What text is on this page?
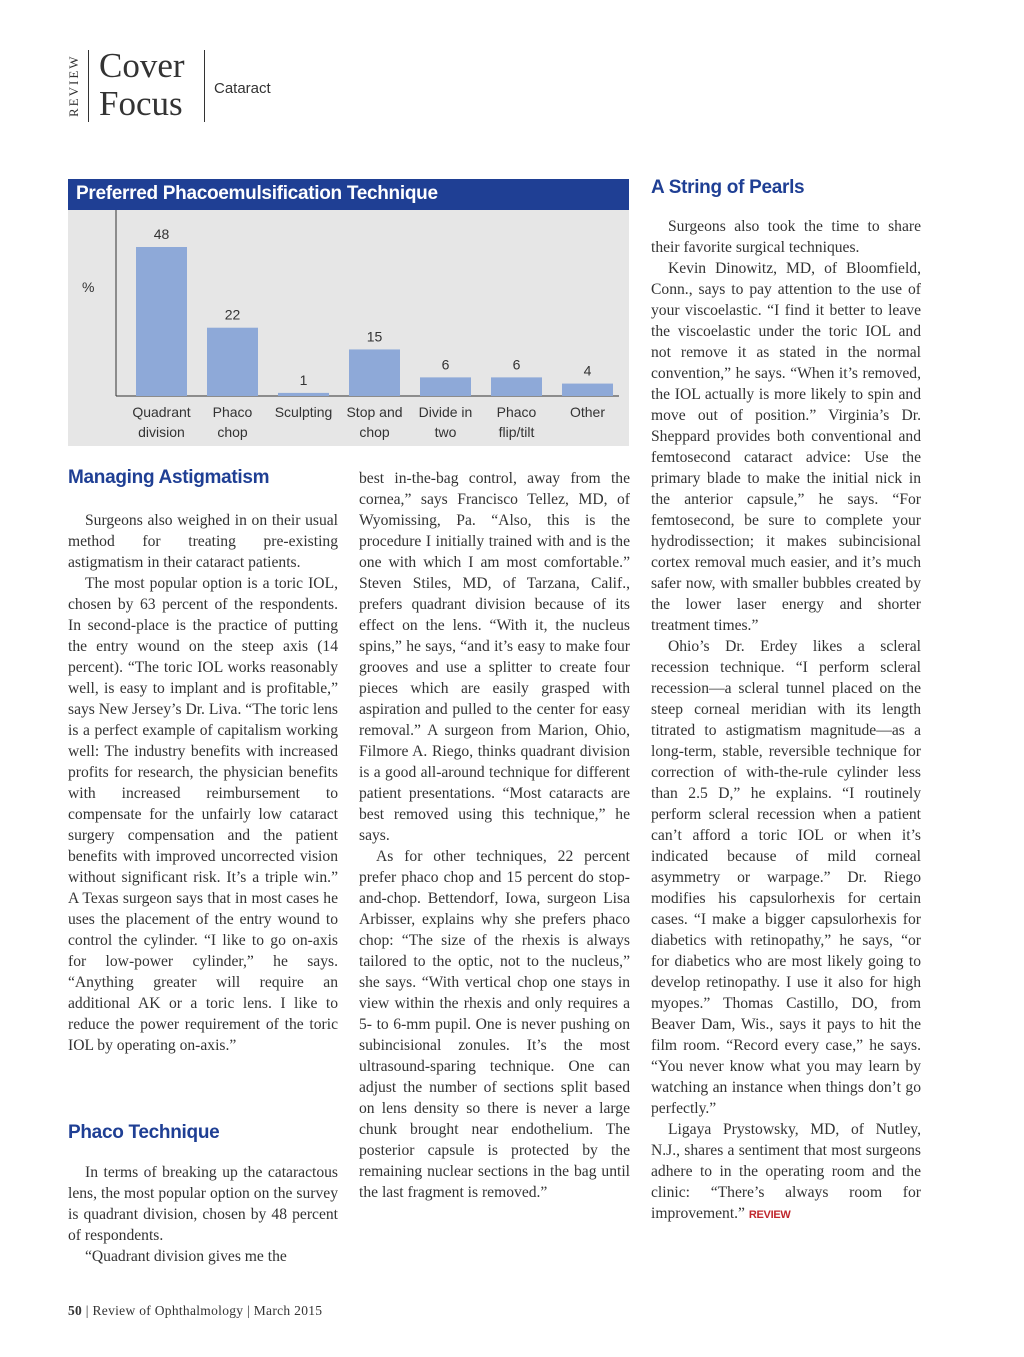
REVIEW Cover
Focus Cataract
Preferred Phacoemulsification Technique
%
48
Quadrant
division
22
Phaco
chop
1
Sculpting
15
Stop and
chop
6
Divide in
two
6
Phaco
flip/tilt
4
Other
Managing Astigmatism

Surgeons also weighed in on their usual method for treating pre-existing astigmatism in their cataract patients.

The most popular option is a toric IOL, chosen by 63 percent of the respondents. In second-place is the practice of putting the entry wound on the steep axis (14 percent). “The toric IOL works reasonably well, is easy to implant and is profitable,” says New Jersey’s Dr. Liva. “The toric lens is a perfect example of capitalism working well: The industry benefits with increased profits for research, the physician benefits with increased reimbursement to compensate for the unfairly low cataract surgery compensation and the patient benefits with improved uncorrected vision without significant risk. It’s a triple win.” A Texas surgeon says that in most cases he uses the placement of the entry wound to control the cylinder. “I like to go on-axis for low-power cylinder,” he says. “Anything greater will require an additional AK or a toric lens. I like to reduce the power requirement of the toric IOL by operating on-axis.”

Phaco Technique

In terms of breaking up the cataractous lens, the most popular option on the survey is quadrant division, chosen by 48 percent of respondents.

“Quadrant division gives me the

best in-the-bag control, away from the cornea,” says Francisco Tellez, MD, of Wyomissing, Pa. “Also, this is the procedure I initially trained with and is the one with which I am most comfortable.” Steven Stiles, MD, of Tarzana, Calif., prefers quadrant division because of its effect on the lens. “With it, the nucleus spins,” he says, “and it’s easy to make four grooves and use a splitter to create four pieces which are easily grasped with aspiration and pulled to the center for easy removal.” A surgeon from Marion, Ohio, Filmore A. Riego, thinks quadrant division is a good all-around technique for different patient presentations. “Most cataracts are best removed using this technique,” he says.

As for other techniques, 22 percent prefer phaco chop and 15 percent do stop-and-chop. Bettendorf, Iowa, surgeon Lisa Arbisser, explains why she prefers phaco chop: “The size of the rhexis is always tailored to the optic, not to the nucleus,” she says. “With vertical chop one stays in view within the rhexis and only requires a 5- to 6-mm pupil. One is never pushing on subincisional zonules. It’s the most ultrasound-sparing technique. One can adjust the number of sections split based on lens density so there is never a large chunk brought near endothelium. The posterior capsule is protected by the remaining nuclear sections in the bag until the last fragment is removed.”

A String of Pearls

Surgeons also took the time to share their favorite surgical techniques.

Kevin Dinowitz, MD, of Bloomfield, Conn., says to pay attention to the use of your viscoelastic. “I find it better to leave the viscoelastic under the toric IOL and not remove it as stated in the normal convention,” he says. “When it’s removed, the IOL actually is more likely to spin and move out of position.” Virginia’s Dr. Sheppard provides both conventional and femtosecond cataract advice: Use the primary blade to make the initial nick in the anterior capsule,” he says. “For femtosecond, be sure to complete your hydrodissection; it makes subincisional cortex removal much easier, and it’s much safer now, with smaller bubbles created by the lower laser energy and shorter treatment times.”

Ohio’s Dr. Erdey likes a scleral recession technique. “I perform scleral recession—a scleral tunnel placed on the steep corneal meridian with its length titrated to astigmatism magnitude—as a long-term, stable, reversible technique for correction of with-the-rule cylinder less than 2.5 D,” he explains. “I routinely perform scleral recession when a patient can’t afford a toric IOL or when it’s indicated because of mild corneal asymmetry or warpage.” Dr. Riego modifies his capsulorhexis for certain cases. “I make a bigger capsulorhexis for diabetics with retinopathy,” he says, “or for diabetics who are most likely going to develop retinopathy. I use it also for high myopes.” Thomas Castillo, DO, from Beaver Dam, Wis., says it pays to hit the film room. “Record every case,” he says. “You never know what you may learn by watching an instance when things don’t go perfectly.”

Ligaya Prystowsky, MD, of Nutley, N.J., shares a sentiment that most surgeons adhere to in the operating room and the clinic: “There’s always room for improvement.” REVIEW

50 | Review of Ophthalmology | March 2015
